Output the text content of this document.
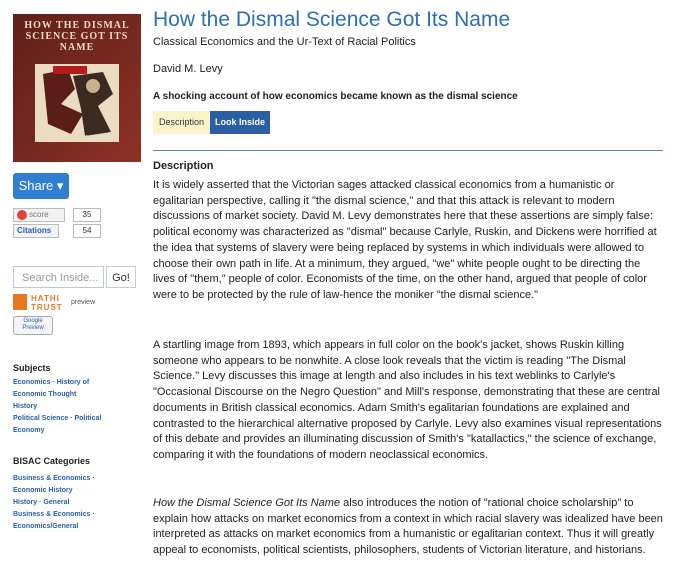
HOW THE DISMAL SCIENCE GOT ITS NAME
DAVID M. LEVY
Share ▾
score	35
Citations	54
Search Inside...	Go!
HATHI
TRUST
preview
Google
Preview
Subjects
Economics · History of
Economic Thought
History
Political Science · Political
Economy
BISAC Categories
Business & Economics ·
Economic History
History · General
Business & Economics ·
Economics/General
How the Dismal Science Got Its Name
Classical Economics and the Ur-Text of Racial Politics
David M. Levy
A shocking account of how economics became known as the dismal science
Description	Look Inside
Description

It is widely asserted that the Victorian sages attacked classical economics from a humanistic or egalitarian perspective, calling it "the dismal science," and that this attack is relevant to modern discussions of market society. David M. Levy demonstrates here that these assertions are simply false: political economy was characterized as "dismal" because Carlyle, Ruskin, and Dickens were horrified at the idea that systems of slavery were being replaced by systems in which individuals were allowed to choose their own path in life. At a minimum, they argued, "we" white people ought to be directing the lives of "them," people of color. Economists of the time, on the other hand, argued that people of color were to be protected by the rule of law-hence the moniker "the dismal science."

A startling image from 1893, which appears in full color on the book's jacket, shows Ruskin killing someone who appears to be nonwhite. A close look reveals that the victim is reading "The Dismal Science." Levy discusses this image at length and also includes in his text weblinks to Carlyle's "Occasional Discourse on the Negro Question" and Mill's response, demonstrating that these are central documents in British classical economics. Adam Smith's egalitarian foundations are explained and contrasted to the hierarchical alternative proposed by Carlyle. Levy also examines visual representations of this debate and provides an illuminating discussion of Smith's "katallactics," the science of exchange, comparing it with the foundations of modern neoclassical economics.

How the Dismal Science Got Its Name also introduces the notion of "rational choice scholarship" to explain how attacks on market economics from a context in which racial slavery was idealized have been interpreted as attacks on market economics from a humanistic or egalitarian context. Thus it will greatly appeal to economists, political scientists, philosophers, students of Victorian literature, and historians.
